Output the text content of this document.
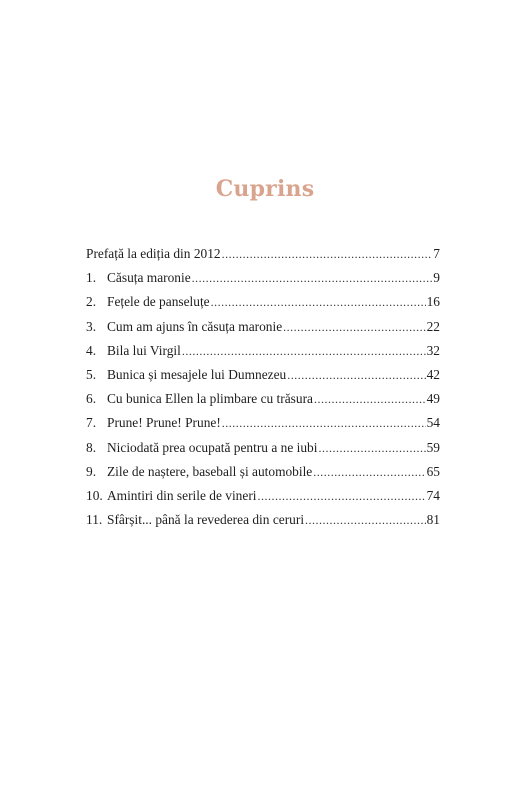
Cuprins
Prefață la ediția din 2012 .....	7
1. Căsuța maronie .....	9
2. Fețele de panseluțe .....	16
3. Cum am ajuns în căsuța maronie .....	22
4. Bila lui Virgil .....	32
5. Bunica și mesajele lui Dumnezeu .....	42
6. Cu bunica Ellen la plimbare cu trăsura .....	49
7. Prune! Prune! Prune! .....	54
8. Niciodată prea ocupată pentru a ne iubi .....	59
9. Zile de naștere, baseball și automobile .....	65
10. Amintiri din serile de vineri .....	74
11. Sfârșit... până la revederea din ceruri .....	81
